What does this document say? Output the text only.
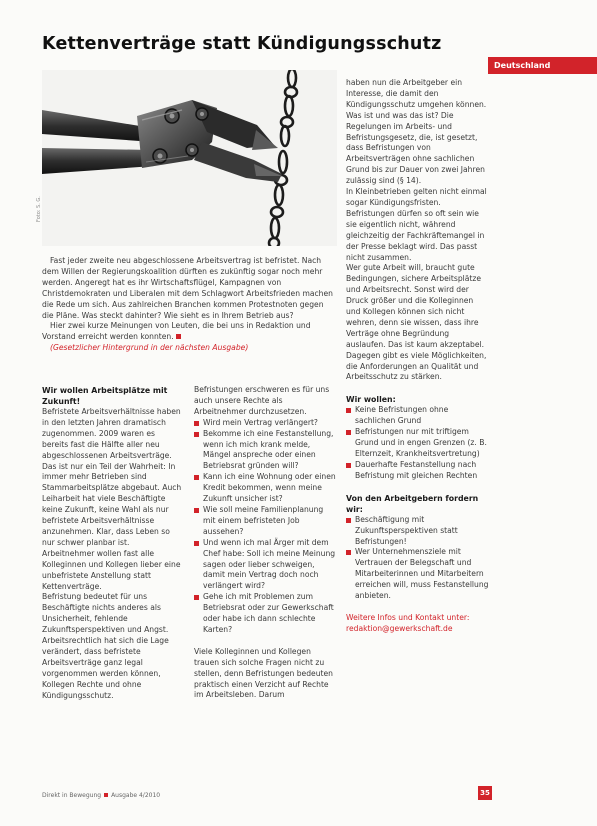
Kettenverträge statt Kündigungsschutz
Deutschland
Foto: S. G.

Fast jeder zweite neu abgeschlossene Arbeitsvertrag ist befristet. Nach dem Willen der Regierungskoalition dürften es zukünftig sogar noch mehr werden. Angeregt hat es ihr Wirtschaftsflügel, Kampagnen von Christdemokraten und Liberalen mit dem Schlagwort Arbeitsfrieden machen die Rede um sich. Aus zahlreichen Branchen kommen Protestnoten gegen die Pläne. Was steckt dahinter? Wie sieht es in Ihrem Betrieb aus?

Hier zwei kurze Meinungen von Leuten, die bei uns in Redaktion und Vorstand erreicht werden konnten.

(Gesetzlicher Hintergrund in der nächsten Ausgabe)

Wir wollen Arbeitsplätze mit Zukunft!

Befristete Arbeitsverhältnisse haben in den letzten Jahren dramatisch zugenommen. 2009 waren es bereits fast die Hälfte aller neu abgeschlossenen Arbeitsverträge.

Das ist nur ein Teil der Wahrheit: In immer mehr Betrieben sind Stammarbeitsplätze abgebaut. Auch Leiharbeit hat viele Beschäftigte keine Zukunft, keine Wahl als nur befristete Arbeitsverhältnisse anzunehmen. Klar, dass Leben so nur schwer planbar ist.

Arbeitnehmer wollen fast alle Kolleginnen und Kollegen lieber eine unbefristete Anstellung statt Kettenverträge.

Befristung bedeutet für uns Beschäftigte nichts anderes als Unsicherheit, fehlende Zukunftsperspektiven und Angst.

Arbeitsrechtlich hat sich die Lage verändert, dass befristete Arbeitsverträge ganz legal vorgenommen werden können, Kollegen Rechte und ohne Kündigungsschutz.

Befristungen erschweren es für uns auch unsere Rechte als Arbeitnehmer durchzusetzen.

Wird mein Vertrag verlängert?

Bekomme ich eine Festanstellung, wenn ich mich krank melde, Mängel anspreche oder einen Betriebsrat gründen will?

Kann ich eine Wohnung oder einen Kredit bekommen, wenn meine Zukunft unsicher ist?

Wie soll meine Familienplanung mit einem befristeten Job aussehen?

Und wenn ich mal Ärger mit dem Chef habe: Soll ich meine Meinung sagen oder lieber schweigen, damit mein Vertrag doch noch verlängert wird?

Gehe ich mit Problemen zum Betriebsrat oder zur Gewerkschaft oder habe ich dann schlechte Karten?

Viele Kolleginnen und Kollegen trauen sich solche Fragen nicht zu stellen, denn Befristungen bedeuten praktisch einen Verzicht auf Rechte im Arbeitsleben. Darum

haben nun die Arbeitgeber ein Interesse, die damit den Kündigungsschutz umgehen können.

Was ist und was das ist? Die Regelungen im Arbeits- und Befristungsgesetz, die, ist gesetzt, dass Befristungen von Arbeitsverträgen ohne sachlichen Grund bis zur Dauer von zwei Jahren zulässig sind (§ 14).

In Kleinbetrieben gelten nicht einmal sogar Kündigungsfristen. Befristungen dürfen so oft sein wie sie eigentlich nicht, während gleichzeitig der Fachkräftemangel in der Presse beklagt wird. Das passt nicht zusammen.

Wer gute Arbeit will, braucht gute Bedingungen, sichere Arbeitsplätze und Arbeitsrecht. Sonst wird der Druck größer und die Kolleginnen und Kollegen können sich nicht wehren, denn sie wissen, dass ihre Verträge ohne Begründung auslaufen. Das ist kaum akzeptabel.

Dagegen gibt es viele Möglichkeiten, die Anforderungen an Qualität und Arbeitsschutz zu stärken.

Wir wollen:

Keine Befristungen ohne sachlichen Grund

Befristungen nur mit triftigem Grund und in engen Grenzen (z. B. Elternzeit, Krankheitsvertretung)

Dauerhafte Festanstellung nach Befristung mit gleichen Rechten

Von den Arbeitgebern fordern wir:

Beschäftigung mit Zukunftsperspektiven statt Befristungen!

Wer Unternehmensziele mit Vertrauen der Belegschaft und Mitarbeiterinnen und Mitarbeitern erreichen will, muss Festanstellung anbieten.

Weitere Infos und Kontakt unter: redaktion@gewerkschaft.de

Direkt in Bewegung Ausgabe 4/2010	35
